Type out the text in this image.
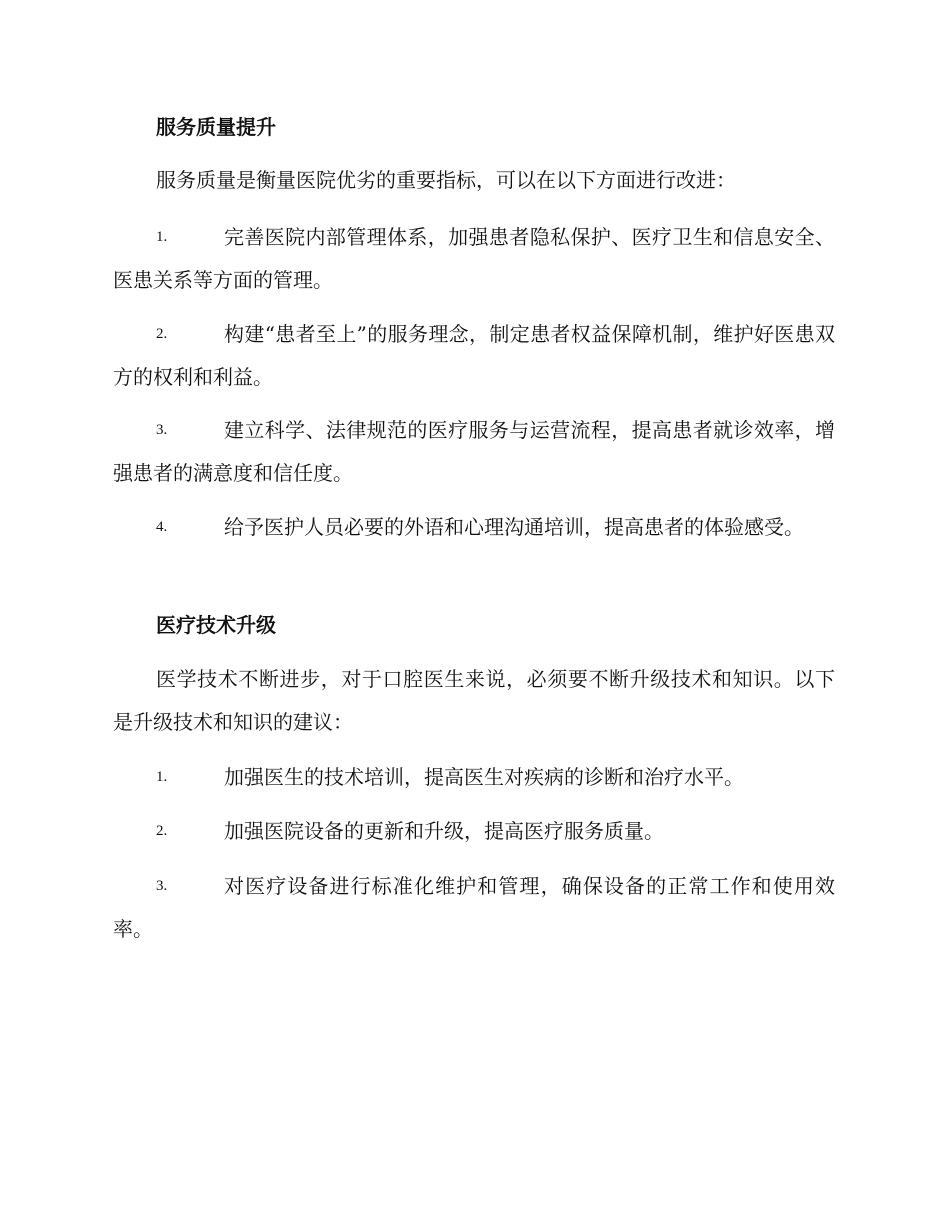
服务质量提升
服务质量是衡量医院优劣的重要指标，可以在以下方面进行改进：
1.	完善医院内部管理体系，加强患者隐私保护、医疗卫生和信息安全、医患关系等方面的管理。
2.	构建“患者至上”的服务理念，制定患者权益保障机制，维护好医患双方的权利和利益。
3.	建立科学、法律规范的医疗服务与运营流程，提高患者就诊效率，增强患者的满意度和信任度。
4.	给予医护人员必要的外语和心理沟通培训，提高患者的体验感受。
医疗技术升级
医学技术不断进步，对于口腔医生来说，必须要不断升级技术和知识。以下是升级技术和知识的建议：
1.	加强医生的技术培训，提高医生对疾病的诊断和治疗水平。
2.	加强医院设备的更新和升级，提高医疗服务质量。
3.	对医疗设备进行标准化维护和管理，确保设备的正常工作和使用效率。
